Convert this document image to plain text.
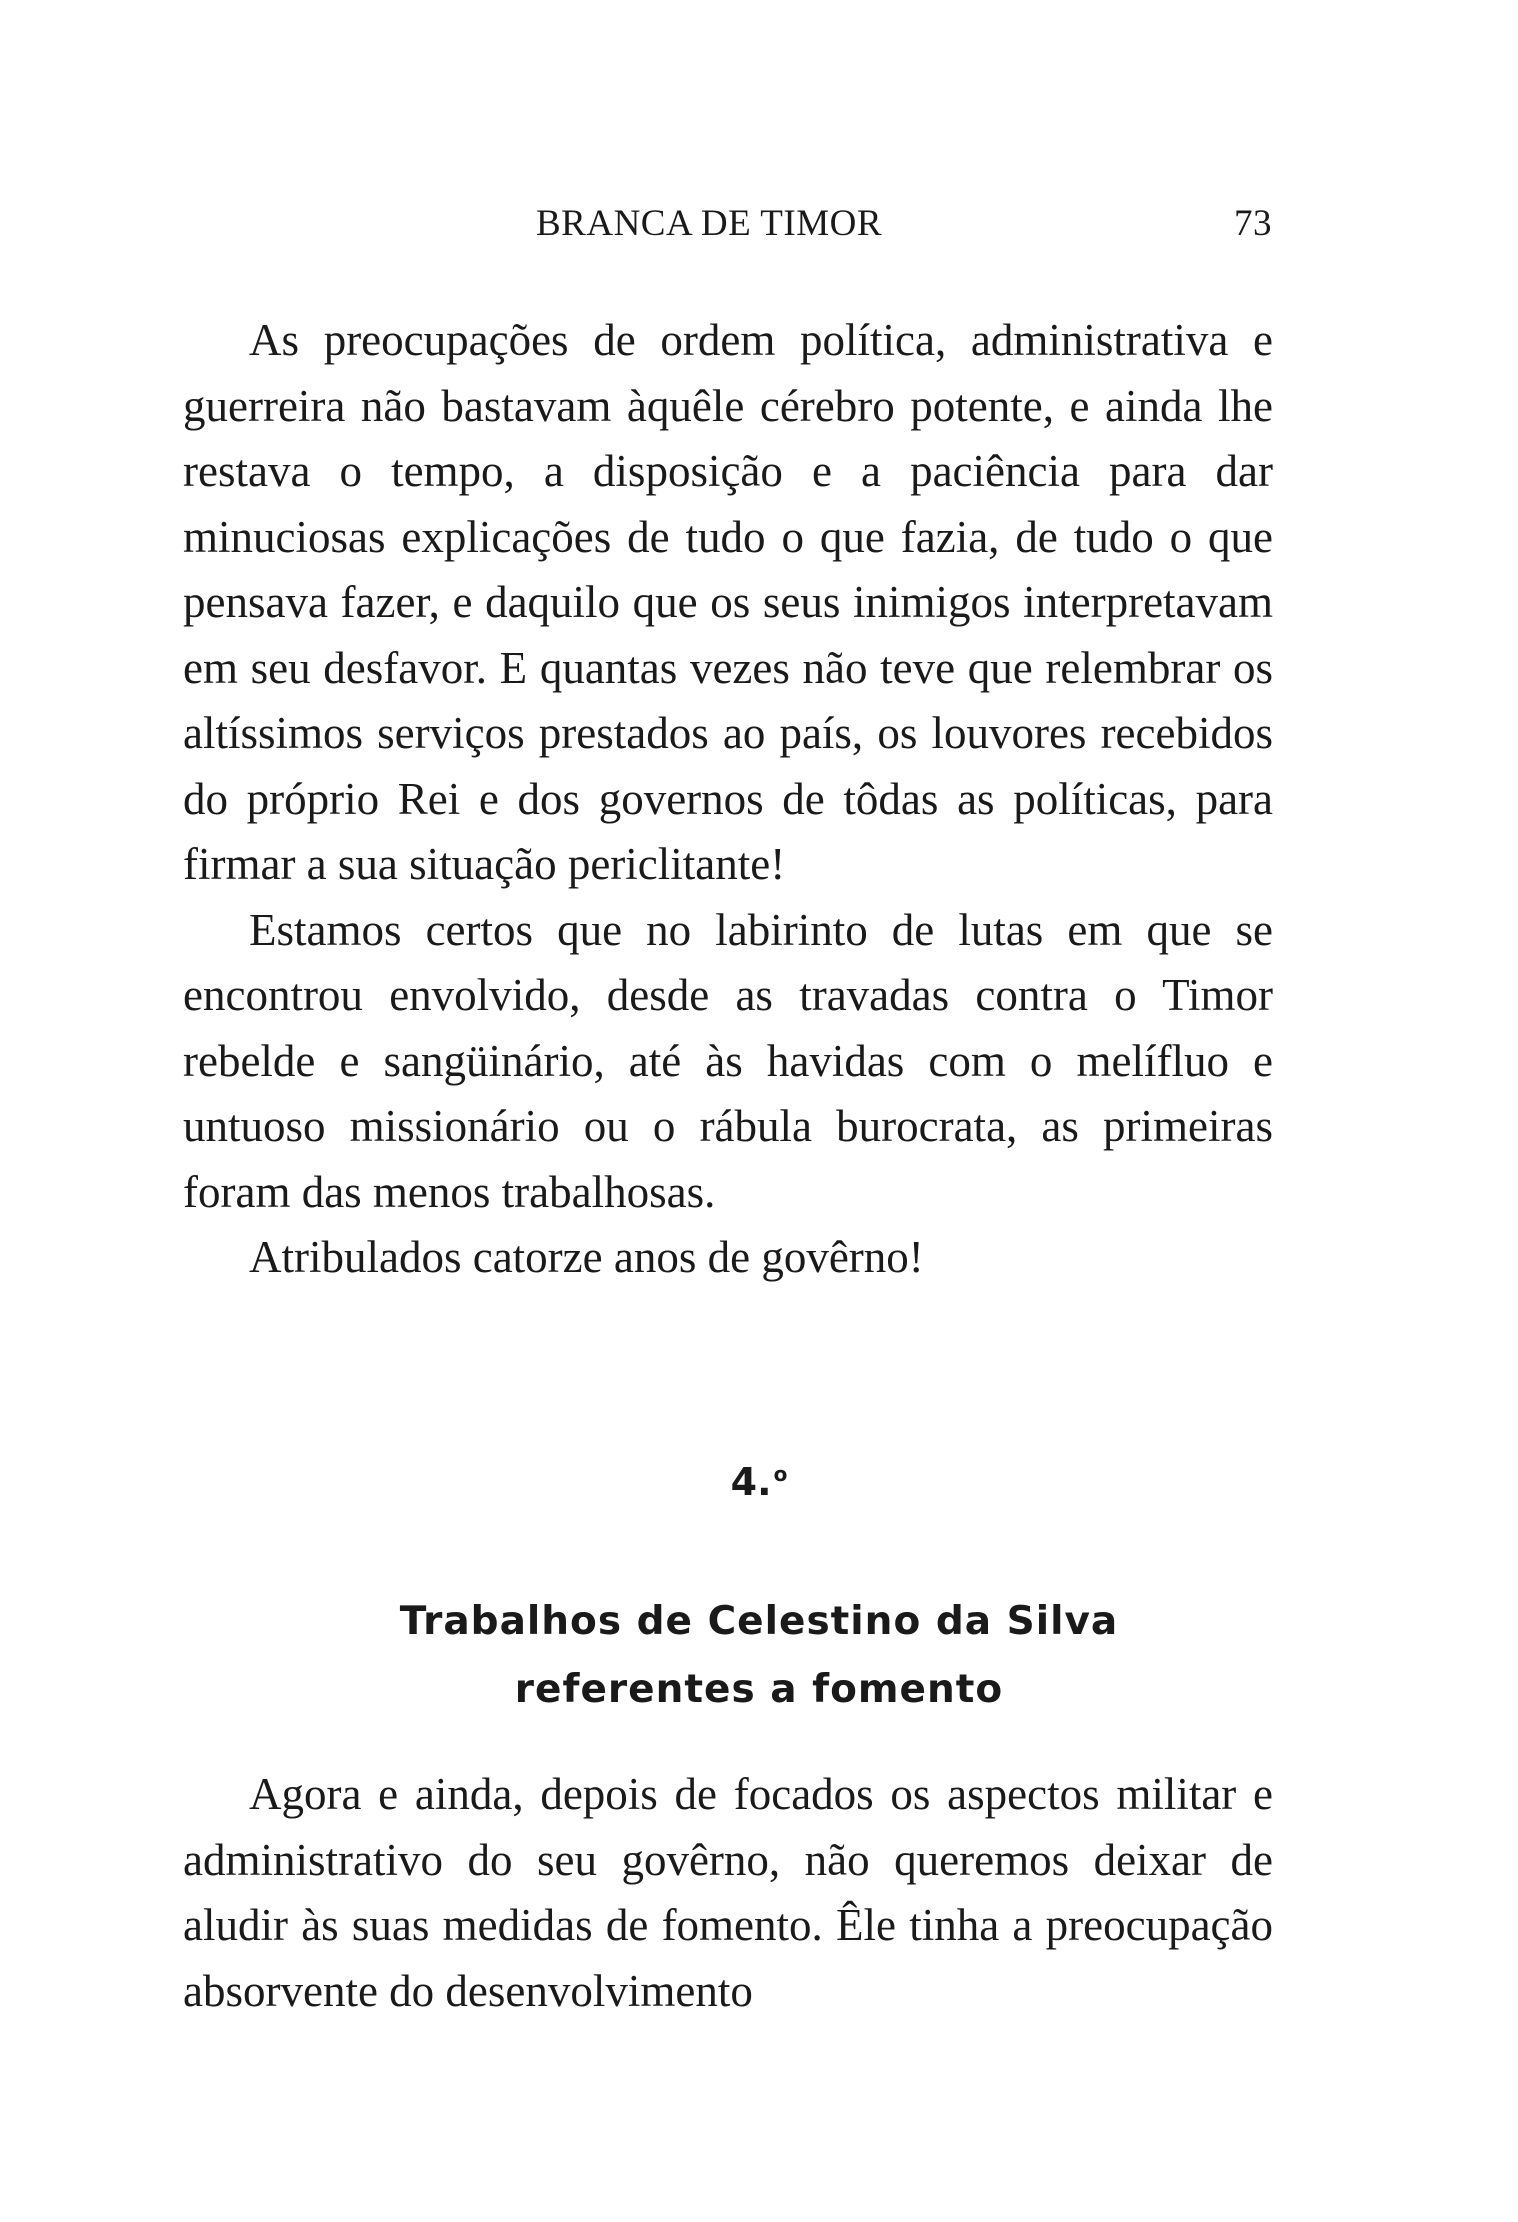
BRANCA DE TIMOR	73

As preocupações de ordem política, administrativa e guerreira não bastavam àquêle cérebro potente, e ainda lhe restava o tempo, a disposição e a paciência para dar minuciosas explicações de tudo o que fazia, de tudo o que pensava fazer, e daquilo que os seus inimigos interpretavam em seu desfavor. E quantas vezes não teve que relembrar os altíssimos serviços prestados ao país, os louvores recebidos do próprio Rei e dos governos de tôdas as políticas, para firmar a sua situação periclitante!

Estamos certos que no labirinto de lutas em que se encontrou envolvido, desde as travadas contra o Timor rebelde e sangüinário, até às havidas com o melífluo e untuoso missionário ou o rábula burocrata, as primeiras foram das menos trabalhosas.

Atribulados catorze anos de govêrno!

4. $^o$
Trabalhos de Celestino da Silva
referentes a fomento

Agora e ainda, depois de focados os aspectos militar e administrativo do seu govêrno, não queremos deixar de aludir às suas medidas de fomento. Êle tinha a preocupação absorvente do desenvolvimento
